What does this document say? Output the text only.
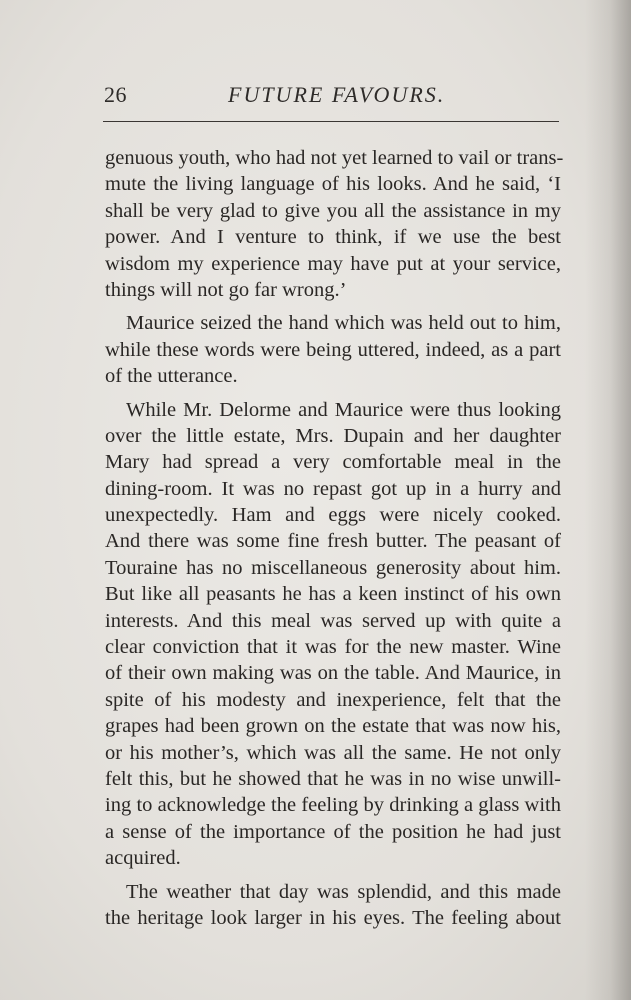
26	FUTURE FAVOURS.
genuous youth, who had not yet learned to vail or trans-
mute the living language of his looks. And he said, ‘I
shall be very glad to give you all the assistance in my
power. And I venture to think, if we use the best
wisdom my experience may have put at your service,
things will not go far wrong.’
Maurice seized the hand which was held out to him,
while these words were being uttered, indeed, as a part
of the utterance.
While Mr. Delorme and Maurice were thus looking
over the little estate, Mrs. Dupain and her daughter
Mary had spread a very comfortable meal in the
dining-room. It was no repast got up in a hurry and
unexpectedly. Ham and eggs were nicely cooked.
And there was some fine fresh butter. The peasant of
Touraine has no miscellaneous generosity about him.
But like all peasants he has a keen instinct of his own
interests. And this meal was served up with quite a
clear conviction that it was for the new master. Wine
of their own making was on the table. And Maurice, in
spite of his modesty and inexperience, felt that the
grapes had been grown on the estate that was now his,
or his mother’s, which was all the same. He not only
felt this, but he showed that he was in no wise unwill-
ing to acknowledge the feeling by drinking a glass with
a sense of the importance of the position he had just
acquired.
The weather that day was splendid, and this made
the heritage look larger in his eyes. The feeling about
